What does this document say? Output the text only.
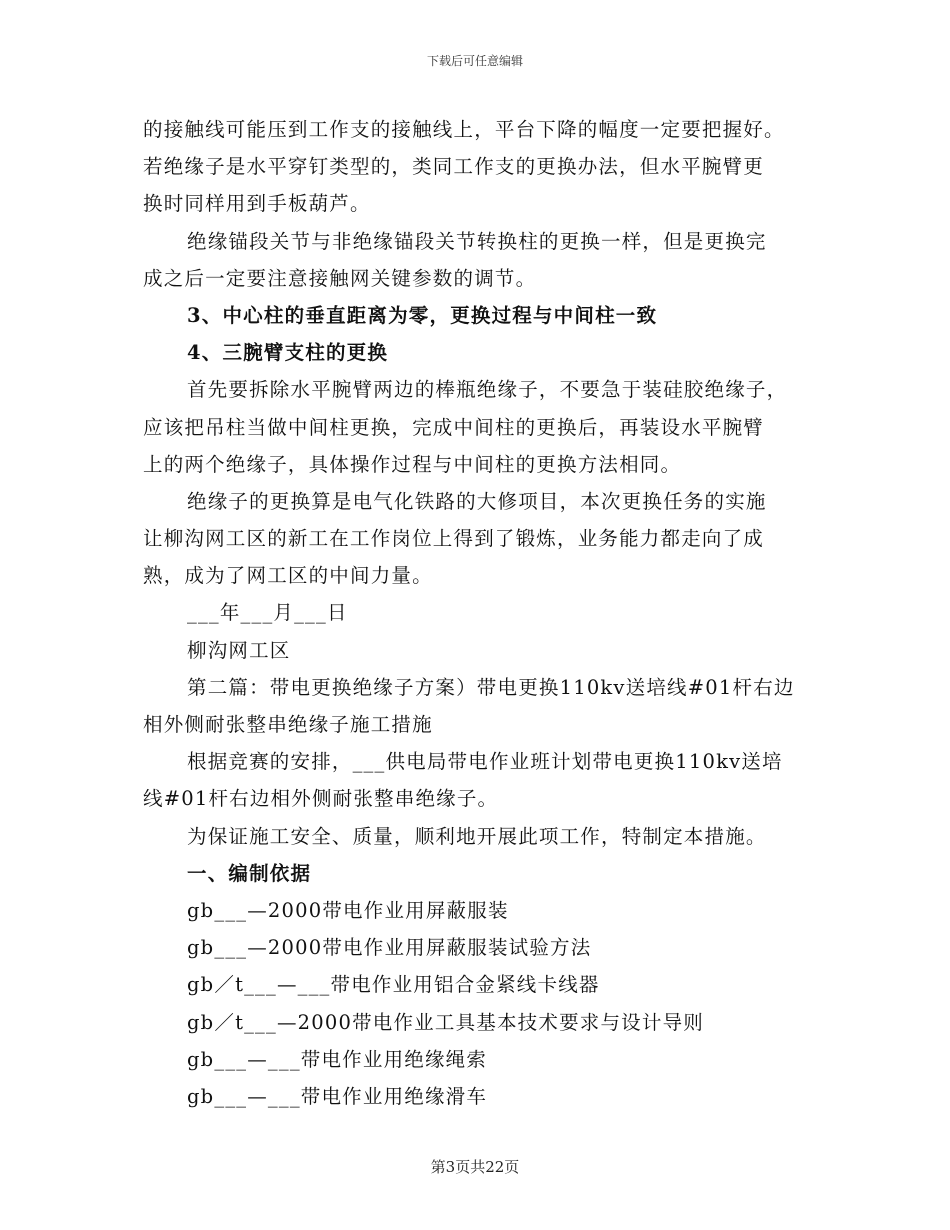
下载后可任意编辑
的接触线可能压到工作支的接触线上，平台下降的幅度一定要把握好。
若绝缘子是水平穿钉类型的，类同工作支的更换办法，但水平腕臂更
换时同样用到手板葫芦。
绝缘锚段关节与非绝缘锚段关节转换柱的更换一样，但是更换完
成之后一定要注意接触网关键参数的调节。
3、中心柱的垂直距离为零，更换过程与中间柱一致
4、三腕臂支柱的更换
首先要拆除水平腕臂两边的棒瓶绝缘子，不要急于装硅胶绝缘子，
应该把吊柱当做中间柱更换，完成中间柱的更换后，再装设水平腕臂
上的两个绝缘子，具体操作过程与中间柱的更换方法相同。
绝缘子的更换算是电气化铁路的大修项目，本次更换任务的实施
让柳沟网工区的新工在工作岗位上得到了锻炼，业务能力都走向了成
熟，成为了网工区的中间力量。
___年___月___日
柳沟网工区
第二篇：带电更换绝缘子方案）带电更换110kv送培线#01杆右边
相外侧耐张整串绝缘子施工措施
根据竞赛的安排，___供电局带电作业班计划带电更换110kv送培
线#01杆右边相外侧耐张整串绝缘子。
为保证施工安全、质量，顺利地开展此项工作，特制定本措施。
一、编制依据
gb___—2000带电作业用屏蔽服装
gb___—2000带电作业用屏蔽服装试验方法
gb／t___—___带电作业用铝合金紧线卡线器
gb／t___—2000带电作业工具基本技术要求与设计导则
gb___—___带电作业用绝缘绳索
gb___—___带电作业用绝缘滑车
第3页共22页
